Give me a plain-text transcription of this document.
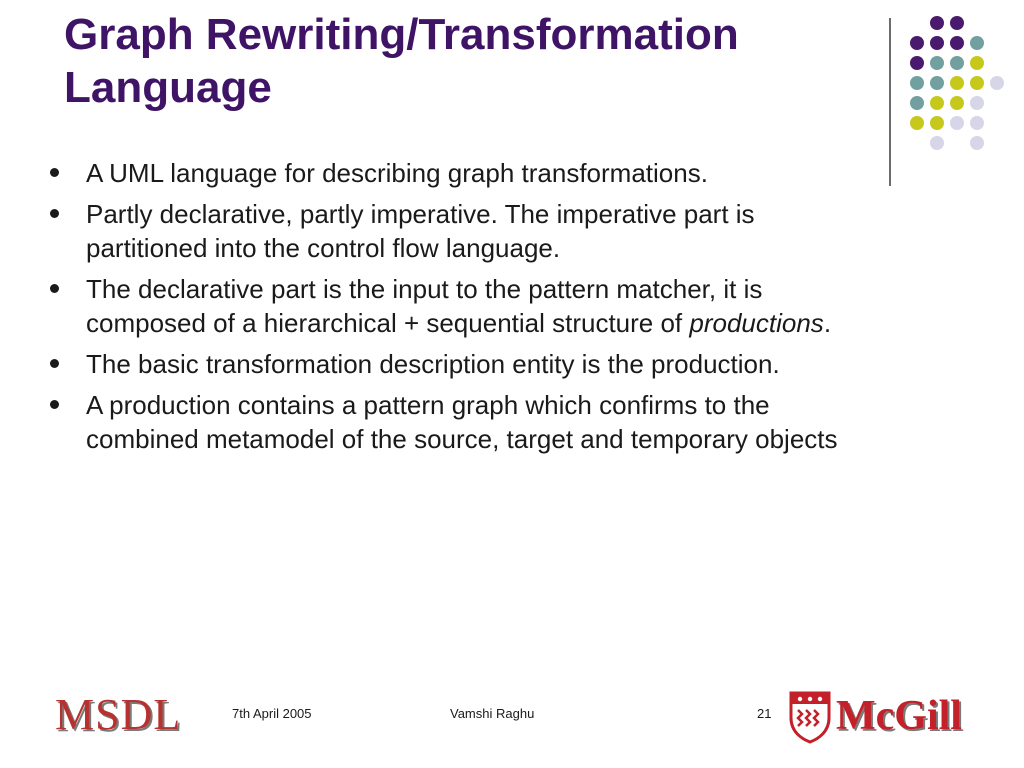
Graph Rewriting/Transformation
Language
A UML language for describing graph transformations.
Partly declarative, partly imperative. The imperative part is partitioned into the control flow language.
The declarative part is the input to the pattern matcher, it is composed of a hierarchical + sequential structure of productions.
The basic transformation description entity is the production.
A production contains a pattern graph which confirms to the combined metamodel of the source, target and temporary objects
MSDL	7th April 2005	Vamshi Raghu	21 McGill
